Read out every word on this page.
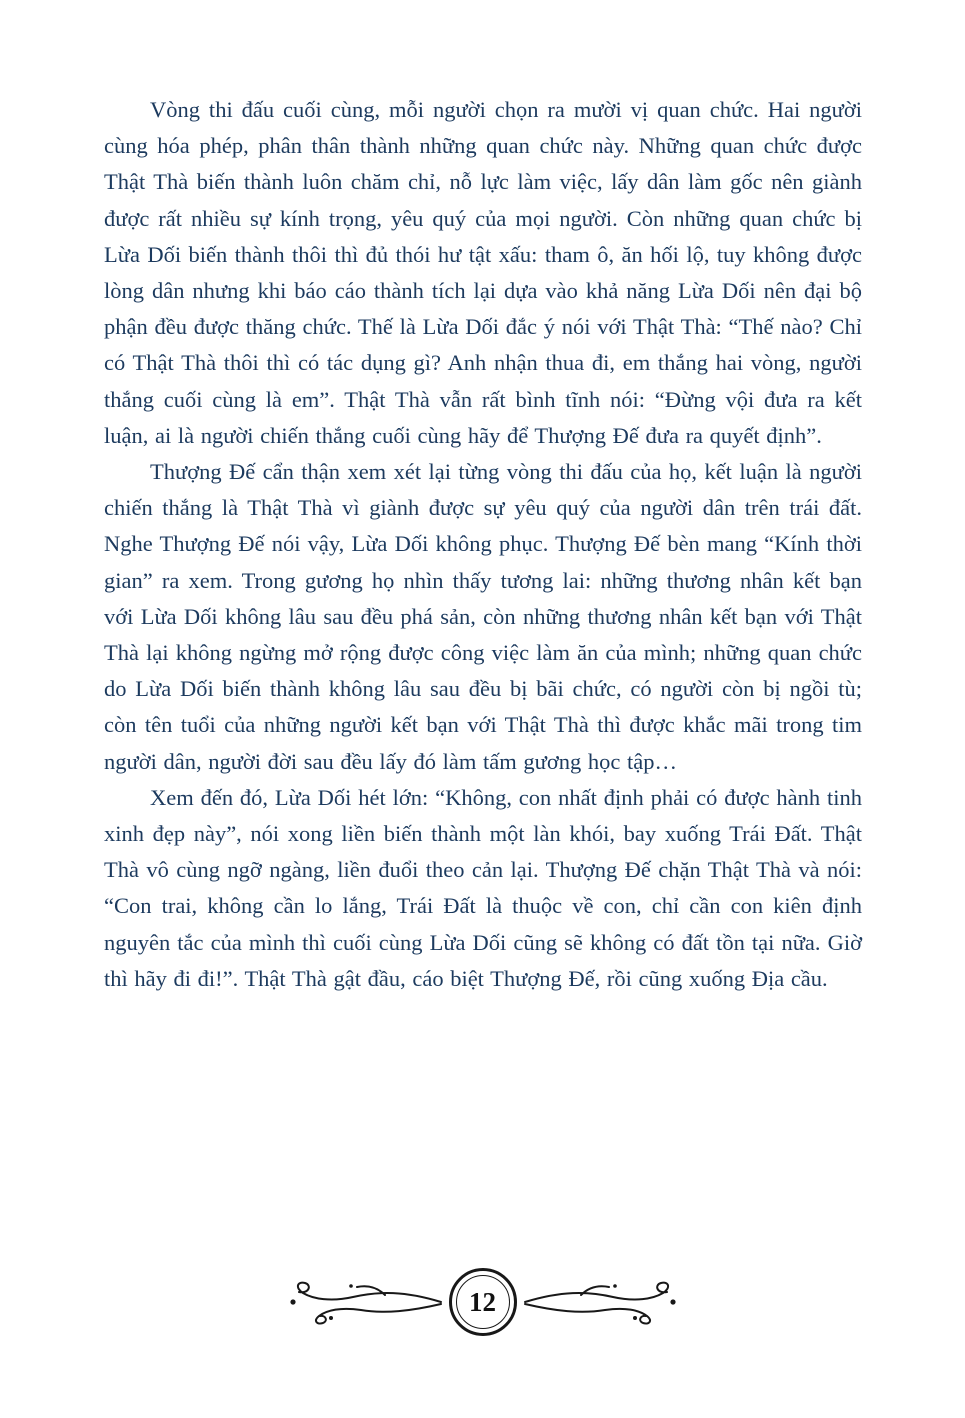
Vòng thi đấu cuối cùng, mỗi người chọn ra mười vị quan chức. Hai người cùng hóa phép, phân thân thành những quan chức này. Những quan chức được Thật Thà biến thành luôn chăm chỉ, nỗ lực làm việc, lấy dân làm gốc nên giành được rất nhiều sự kính trọng, yêu quý của mọi người. Còn những quan chức bị Lừa Dối biến thành thôi thì đủ thói hư tật xấu: tham ô, ăn hối lộ, tuy không được lòng dân nhưng khi báo cáo thành tích lại dựa vào khả năng Lừa Dối nên đại bộ phận đều được thăng chức. Thế là Lừa Dối đắc ý nói với Thật Thà: “Thế nào? Chỉ có Thật Thà thôi thì có tác dụng gì? Anh nhận thua đi, em thắng hai vòng, người thắng cuối cùng là em”. Thật Thà vẫn rất bình tĩnh nói: “Đừng vội đưa ra kết luận, ai là người chiến thắng cuối cùng hãy để Thượng Đế đưa ra quyết định”.

Thượng Đế cẩn thận xem xét lại từng vòng thi đấu của họ, kết luận là người chiến thắng là Thật Thà vì giành được sự yêu quý của người dân trên trái đất. Nghe Thượng Đế nói vậy, Lừa Dối không phục. Thượng Đế bèn mang “Kính thời gian” ra xem. Trong gương họ nhìn thấy tương lai: những thương nhân kết bạn với Lừa Dối không lâu sau đều phá sản, còn những thương nhân kết bạn với Thật Thà lại không ngừng mở rộng được công việc làm ăn của mình; những quan chức do Lừa Dối biến thành không lâu sau đều bị bãi chức, có người còn bị ngồi tù; còn tên tuổi của những người kết bạn với Thật Thà thì được khắc mãi trong tim người dân, người đời sau đều lấy đó làm tấm gương học tập…

Xem đến đó, Lừa Dối hét lớn: “Không, con nhất định phải có được hành tinh xinh đẹp này”, nói xong liền biến thành một làn khói, bay xuống Trái Đất. Thật Thà vô cùng ngỡ ngàng, liền đuổi theo cản lại. Thượng Đế chặn Thật Thà và nói: “Con trai, không cần lo lắng, Trái Đất là thuộc về con, chỉ cần con kiên định nguyên tắc của mình thì cuối cùng Lừa Dối cũng sẽ không có đất tồn tại nữa. Giờ thì hãy đi đi!”. Thật Thà gật đầu, cáo biệt Thượng Đế, rồi cũng xuống Địa cầu.

12
